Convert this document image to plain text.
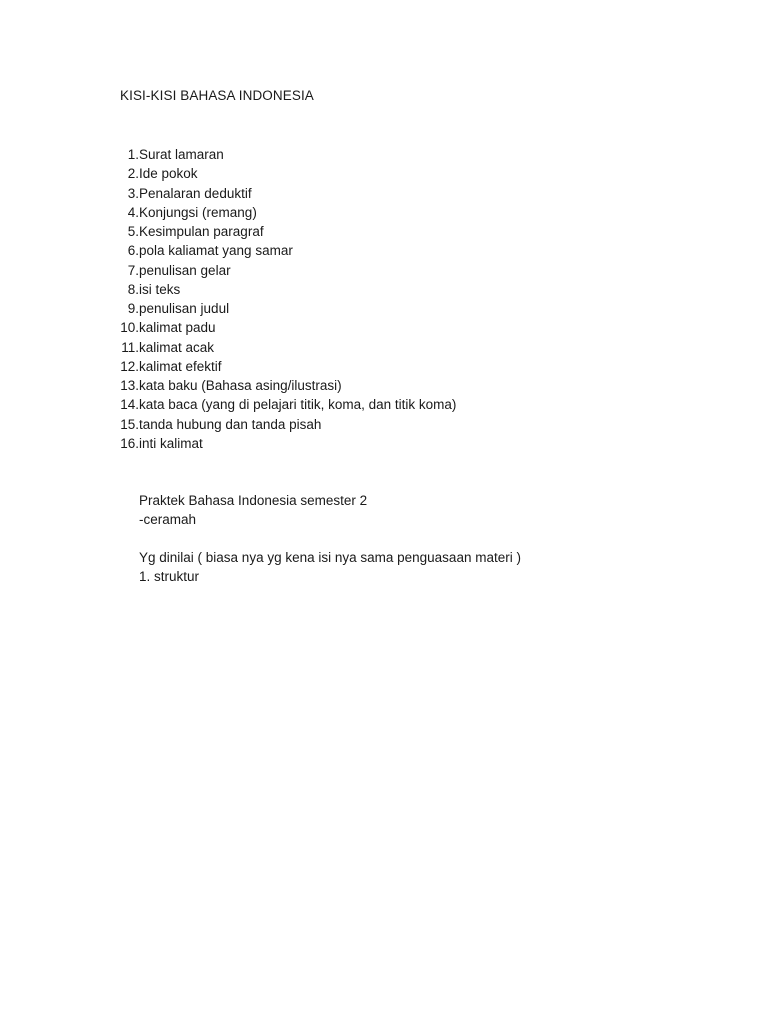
KISI-KISI BAHASA INDONESIA
1. Surat lamaran
2. Ide pokok
3. Penalaran deduktif
4. Konjungsi (remang)
5. Kesimpulan paragraf
6. pola kaliamat yang samar
7. penulisan gelar
8. isi teks
9. penulisan judul
10. kalimat padu
11. kalimat acak
12. kalimat efektif
13. kata baku (Bahasa asing/ilustrasi)
14. kata baca (yang di pelajari titik, koma, dan titik koma)
15. tanda hubung dan tanda pisah
16. inti kalimat
Praktek Bahasa Indonesia semester 2
-ceramah
Yg dinilai ( biasa nya yg kena isi nya sama penguasaan materi )
1. struktur
